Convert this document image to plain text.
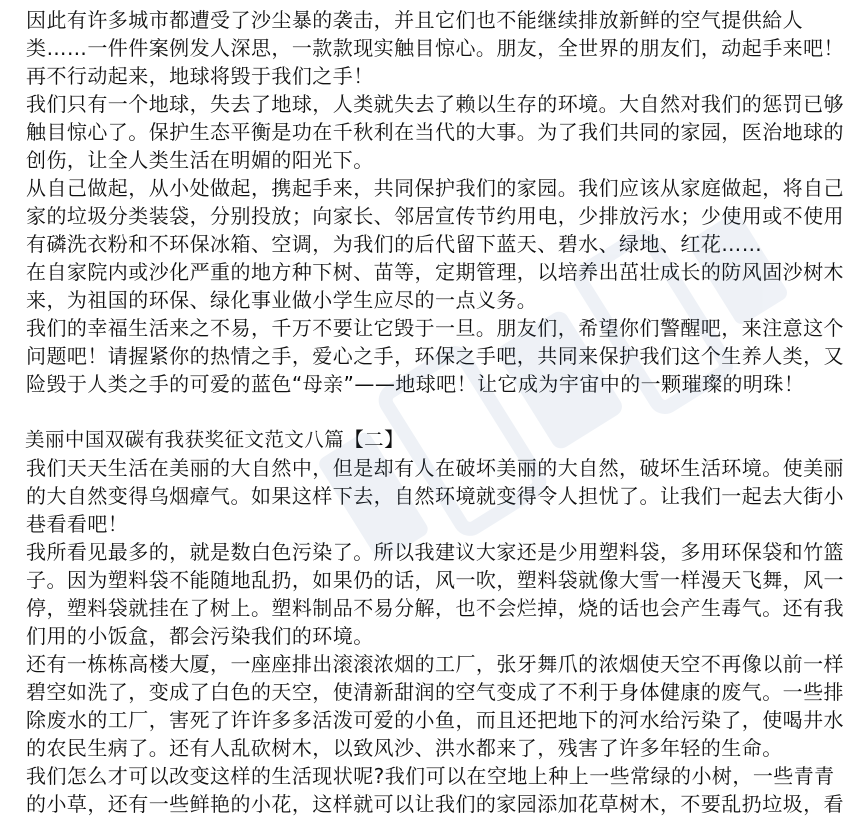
因此有许多城市都遭受了沙尘暴的袭击，并且它们也不能继续排放新鲜的空气提供給人
类……一件件案例发人深思，一款款现实触目惊心。朋友，全世界的朋友们，动起手来吧！
再不行动起来，地球将毁于我们之手！
我们只有一个地球，失去了地球，人类就失去了赖以生存的环境。大自然对我们的惩罚已够
触目惊心了。保护生态平衡是功在千秋利在当代的大事。为了我们共同的家园，医治地球的
创伤，让全人类生活在明媚的阳光下。
从自己做起，从小处做起，携起手来，共同保护我们的家园。我们应该从家庭做起，将自己
家的垃圾分类装袋，分别投放；向家长、邻居宣传节约用电，少排放污水；少使用或不使用
有磷洗衣粉和不环保冰箱、空调，为我们的后代留下蓝天、碧水、绿地、红花……
在自家院内或沙化严重的地方种下树、苗等，定期管理，以培养出茁壮成长的防风固沙树木
来，为祖国的环保、绿化事业做小学生应尽的一点义务。
我们的幸福生活来之不易，千万不要让它毁于一旦。朋友们，希望你们警醒吧，来注意这个
问题吧！请握紧你的热情之手，爱心之手，环保之手吧，共同来保护我们这个生养人类，又
险毁于人类之手的可爱的蓝色“母亲”——地球吧！让它成为宇宙中的一颗璀璨的明珠！
美丽中国双碳有我获奖征文范文八篇【二】
我们天天生活在美丽的大自然中，但是却有人在破坏美丽的大自然，破坏生活环境。使美丽
的大自然变得乌烟瘴气。如果这样下去，自然环境就变得令人担忧了。让我们一起去大街小
巷看看吧！
我所看见最多的，就是数白色污染了。所以我建议大家还是少用塑料袋，多用环保袋和竹篮
子。因为塑料袋不能随地乱扔，如果仍的话，风一吹，塑料袋就像大雪一样漫天飞舞，风一
停，塑料袋就挂在了树上。塑料制品不易分解，也不会烂掉，烧的话也会产生毒气。还有我
们用的小饭盒，都会污染我们的环境。
还有一栋栋高楼大厦，一座座排出滚滚浓烟的工厂，张牙舞爪的浓烟使天空不再像以前一样
碧空如洗了，变成了白色的天空，使清新甜润的空气变成了不利于身体健康的废气。一些排
除废水的工厂，害死了许许多多活泼可爱的小鱼，而且还把地下的河水给污染了，使喝井水
的农民生病了。还有人乱砍树木，以致风沙、洪水都来了，残害了许多年轻的生命。
我们怎么才可以改变这样的生活现状呢?我们可以在空地上种上一些常绿的小树，一些青青
的小草，还有一些鲜艳的小花，这样就可以让我们的家园添加花草树木，不要乱扔垃圾，看
